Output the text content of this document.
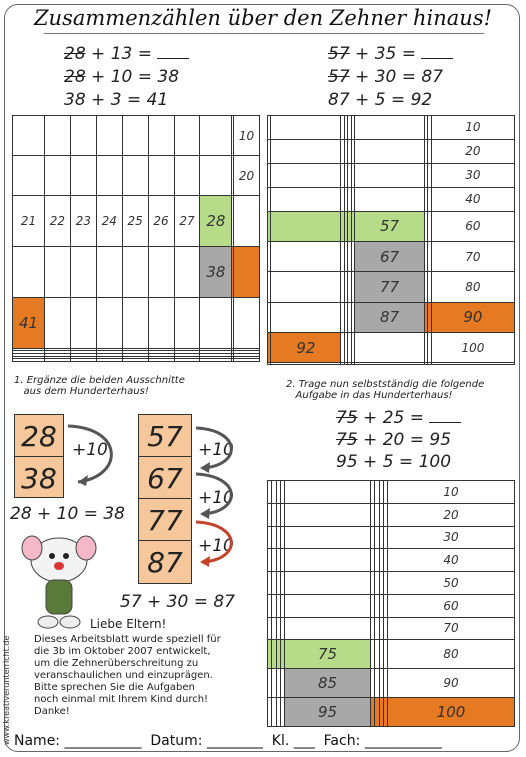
Zusammenzählen über den Zehner hinaus!
28 + 13 =
28 + 10 = 38
38 + 3 = 41
57 + 35 =
57 + 30 = 87
87 + 5 = 92
									10
									20
21	22	23	24	25	26	27	28		
							38		
41									

									10
									20
									30
									40
						57			60
						67			70
						77			80
						87			90
	92								100

1. Ergänze die beiden Ausschnitte
aus dem Hunderterhaus!
2. Trage nun selbstständig die folgende
Aufgabe in das Hunderterhaus!
75 + 25 =
75 + 20 = 95
95 + 5 = 100
28
38
+10
28 + 10 = 38
57
67
77
87
+10
+10
+10
57 + 30 = 87
Liebe Eltern!
Dieses Arbeitsblatt wurde speziell für
die 3b im Oktober 2007 entwickelt,
um die Zehnerüberschreitung zu
veranschaulichen und einzuprägen.
Bitte sprechen Sie die Aufgaben
noch einmal mit Ihrem Kind durch!
Danke!
									10
									20
									30
									40
									50
									60
									70
				75					80
				85					90
				95					100
www.kreativerunterricht.de Name: ___________  Datum: ________  Kl. ___  Fach: ___________
